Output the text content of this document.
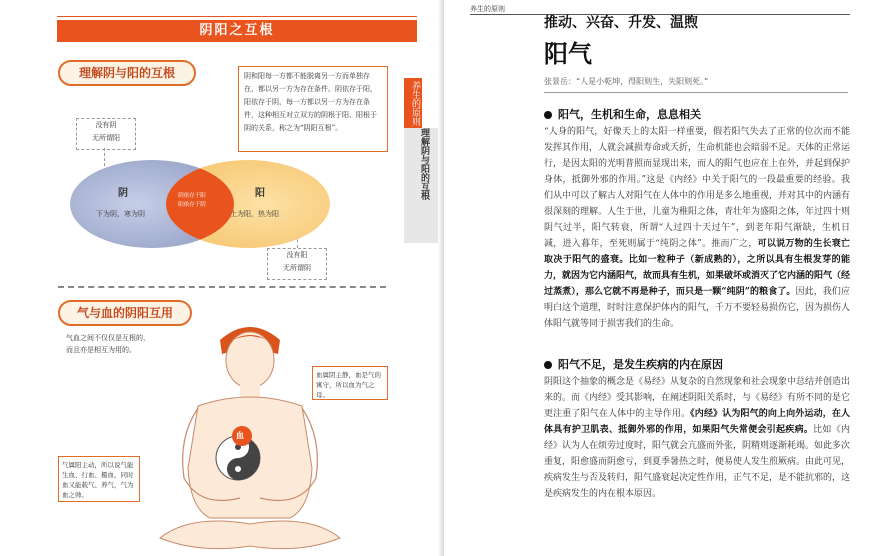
阴阳之互根
理解阴与阳的互根	阴和阳每一方都不能脱离另一方而单独存在，都以另一方为存在条件。阴依存于阳，阳依存于阴，每一方都以另一方为存在条件，这种相互对立双方的阴根于阳、阳根于阴的关系，称之为“阴阳互根”。
养生的原则
理解阴与阳的互根
没有阴
无所谓阳
没有阳
无所谓阴
阴
下为阴，寒为阴
阳
上为阳，热为阳
阴依存于阳
阳依存于阴
气与血的阴阳互用
气血之间不仅仅是互根的，
而且亦是相互为用的。
血
血属阴主静，血是气的寓守，所以血为气之母。
气属阳主动，所以说气能生血、行血、摄血，同时血又能载气、养气，气为血之帅。
养生的原则
推动、兴奋、升发、温煦
阳气
张景岳：“人是小乾坤，得阳则生，失阳则死。”
阳气，生机和生命，息息相关
“人身的阳气，好像天上的太阳一样重要，假若阳气失去了正常的位次而不能发挥其作用，人就会减损寿命或夭折，生命机能也会暗弱不足。天体的正常运行，是因太阳的光明普照而显现出来，而人的阳气也应在上在外，并起到保护身体，抵御外邪的作用。”这是《内经》中关于阳气的一段最重要的经验。我们从中可以了解古人对阳气在人体中的作用是多么地重视，并对其中的内涵有很深刻的理解。人生于世，儿童为稚阳之体，青壮年为盛阳之体，年过四十则阴气过半，阳气转衰，所谓“人过四十天过午”，到老年阳气渐缺，生机日减，进入暮年，至死则属于“纯阴之体”。推而广之，可以说万物的生长衰亡取决于阳气的盛衰。比如一粒种子（新成熟的），之所以具有生根发芽的能力，就因为它内涵阳气，故而具有生机，如果破坏或消灭了它内涵的阳气（经过蒸煮），那么它就不再是种子，而只是一颗“纯阴”的粮食了。因此，我们应明白这个道理，时时注意保护体内的阳气，千万不要轻易损伤它，因为损伤人体阳气就等同于损害我们的生命。
阳气不足，是发生疾病的内在原因
阴阳这个抽象的概念是《易经》从复杂的自然现象和社会现象中总结并创造出来的。而《内经》受其影响，在阐述阴阳关系时，与《易经》有所不同的是它更注重了阳气在人体中的主导作用。《内经》认为阳气的向上向外运动，在人体具有护卫肌表、抵御外邪的作用，如果阳气失常便会引起疾病。比如《内经》认为人在烦劳过度时，阳气就会亢盛而外张，阴精则逐渐耗竭。如此多次重复，阳愈盛而阴愈亏，到夏季暑热之时，便易使人发生煎厥病。由此可见，疾病发生与否及转归，阳气盛衰起决定性作用，正气不足，是不能抗邪的，这是疾病发生的内在根本原因。
